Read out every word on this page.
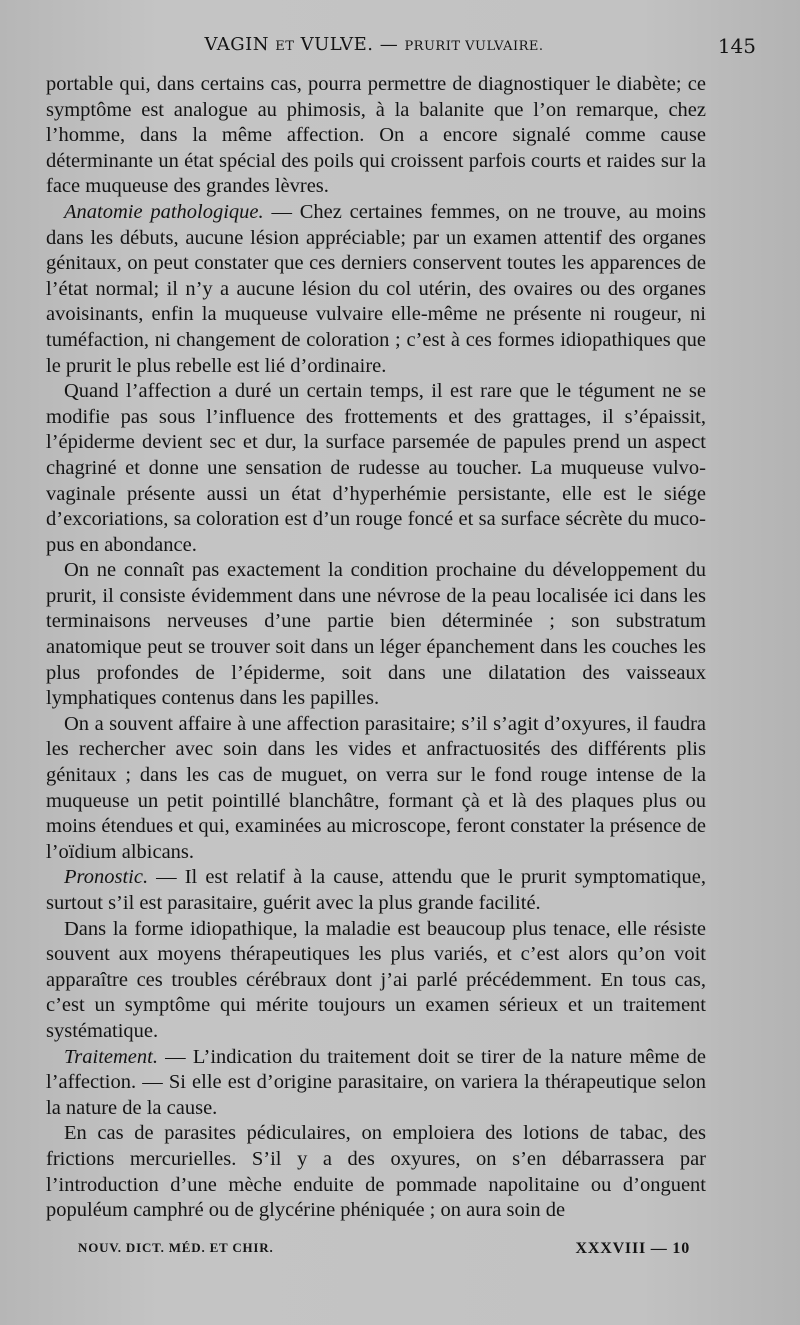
VAGIN ET VULVE. — PRURIT VULVAIRE.	145

portable qui, dans certains cas, pourra permettre de diagnostiquer le diabète; ce symptôme est analogue au phimosis, à la balanite que l’on remarque, chez l’homme, dans la même affection. On a encore signalé comme cause déterminante un état spécial des poils qui croissent parfois courts et raides sur la face muqueuse des grandes lèvres.

Anatomie pathologique. — Chez certaines femmes, on ne trouve, au moins dans les débuts, aucune lésion appréciable; par un examen attentif des organes génitaux, on peut constater que ces derniers conservent toutes les apparences de l’état normal; il n’y a aucune lésion du col utérin, des ovaires ou des organes avoisinants, enfin la muqueuse vulvaire elle-même ne présente ni rougeur, ni tuméfaction, ni changement de coloration ; c’est à ces formes idiopathiques que le prurit le plus rebelle est lié d’ordinaire.

Quand l’affection a duré un certain temps, il est rare que le tégument ne se modifie pas sous l’influence des frottements et des grattages, il s’épaissit, l’épiderme devient sec et dur, la surface parsemée de papules prend un aspect chagriné et donne une sensation de rudesse au toucher. La muqueuse vulvo-vaginale présente aussi un état d’hyperhémie persistante, elle est le siége d’excoriations, sa coloration est d’un rouge foncé et sa surface sécrète du muco-pus en abondance.

On ne connaît pas exactement la condition prochaine du développement du prurit, il consiste évidemment dans une névrose de la peau localisée ici dans les terminaisons nerveuses d’une partie bien déterminée ; son substratum anatomique peut se trouver soit dans un léger épanchement dans les couches les plus profondes de l’épiderme, soit dans une dilatation des vaisseaux lymphatiques contenus dans les papilles.

On a souvent affaire à une affection parasitaire; s’il s’agit d’oxyures, il faudra les rechercher avec soin dans les vides et anfractuosités des différents plis génitaux ; dans les cas de muguet, on verra sur le fond rouge intense de la muqueuse un petit pointillé blanchâtre, formant çà et là des plaques plus ou moins étendues et qui, examinées au microscope, feront constater la présence de l’oïdium albicans.

Pronostic. — Il est relatif à la cause, attendu que le prurit symptomatique, surtout s’il est parasitaire, guérit avec la plus grande facilité.

Dans la forme idiopathique, la maladie est beaucoup plus tenace, elle résiste souvent aux moyens thérapeutiques les plus variés, et c’est alors qu’on voit apparaître ces troubles cérébraux dont j’ai parlé précédemment. En tous cas, c’est un symptôme qui mérite toujours un examen sérieux et un traitement systématique.

Traitement. — L’indication du traitement doit se tirer de la nature même de l’affection. — Si elle est d’origine parasitaire, on variera la thérapeutique selon la nature de la cause.

En cas de parasites pédiculaires, on emploiera des lotions de tabac, des frictions mercurielles. S’il y a des oxyures, on s’en débarrassera par l’introduction d’une mèche enduite de pommade napolitaine ou d’onguent populéum camphré ou de glycérine phéniquée ; on aura soin de

NOUV. DICT. MÉD. ET CHIR.	XXXVIII — 10
